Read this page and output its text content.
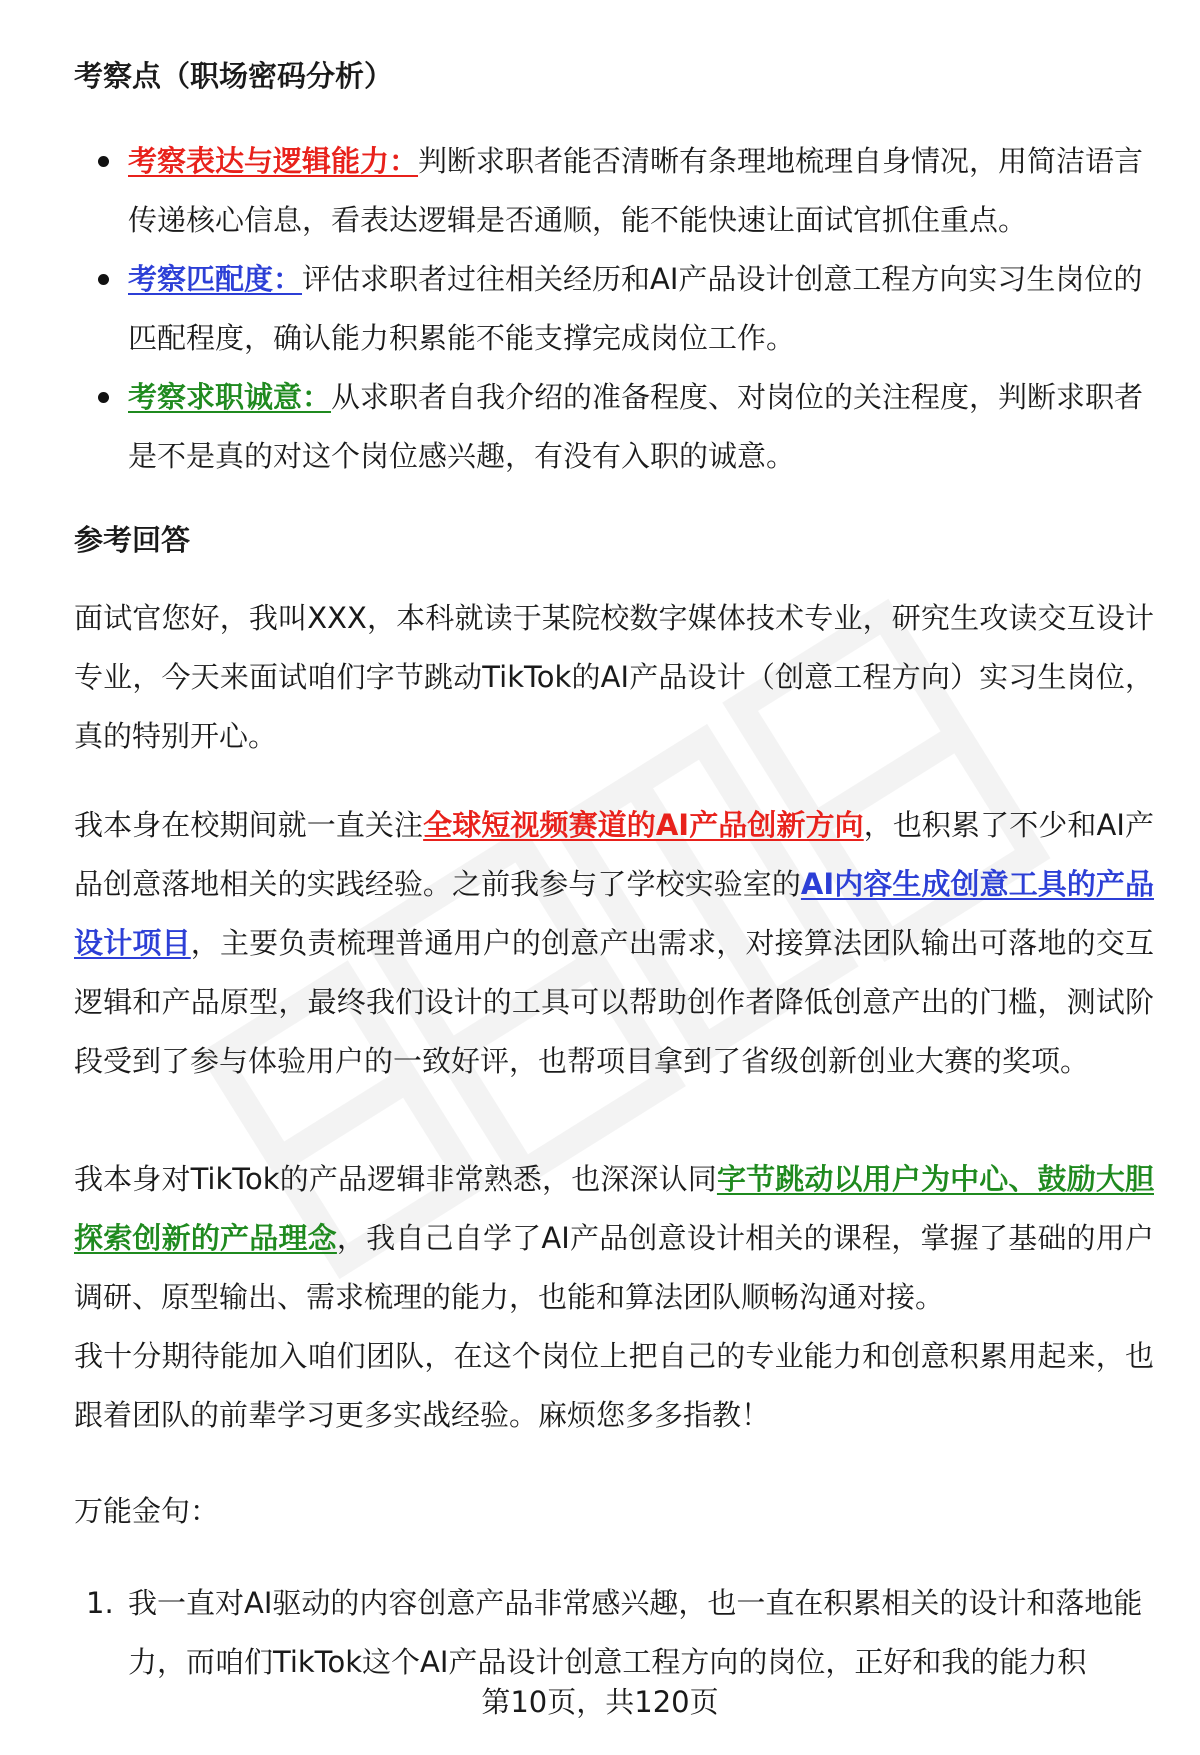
考察点（职场密码分析）
考察表达与逻辑能力：判断求职者能否清晰有条理地梳理自身情况，用简洁语言传递核心信息，看表达逻辑是否通顺，能不能快速让面试官抓住重点。
考察匹配度：评估求职者过往相关经历和AI产品设计创意工程方向实习生岗位的匹配程度，确认能力积累能不能支撑完成岗位工作。
考察求职诚意：从求职者自我介绍的准备程度、对岗位的关注程度，判断求职者是不是真的对这个岗位感兴趣，有没有入职的诚意。
参考回答

面试官您好，我叫XXX，本科就读于某院校数字媒体技术专业，研究生攻读交互设计专业，今天来面试咱们字节跳动TikTok的AI产品设计（创意工程方向）实习生岗位，真的特别开心。

我本身在校期间就一直关注全球短视频赛道的AI产品创新方向，也积累了不少和AI产品创意落地相关的实践经验。之前我参与了学校实验室的AI内容生成创意工具的产品设计项目，主要负责梳理普通用户的创意产出需求，对接算法团队输出可落地的交互逻辑和产品原型，最终我们设计的工具可以帮助创作者降低创意产出的门槛，测试阶段受到了参与体验用户的一致好评，也帮项目拿到了省级创新创业大赛的奖项。

我本身对TikTok的产品逻辑非常熟悉，也深深认同字节跳动以用户为中心、鼓励大胆探索创新的产品理念，我自己自学了AI产品创意设计相关的课程，掌握了基础的用户调研、原型输出、需求梳理的能力，也能和算法团队顺畅沟通对接。

我十分期待能加入咱们团队，在这个岗位上把自己的专业能力和创意积累用起来，也跟着团队的前辈学习更多实战经验。麻烦您多多指教！

万能金句：
1. 我一直对AI驱动的内容创意产品非常感兴趣，也一直在积累相关的设计和落地能力，而咱们TikTok这个AI产品设计创意工程方向的岗位，正好和我的能力积
第10页，共120页
